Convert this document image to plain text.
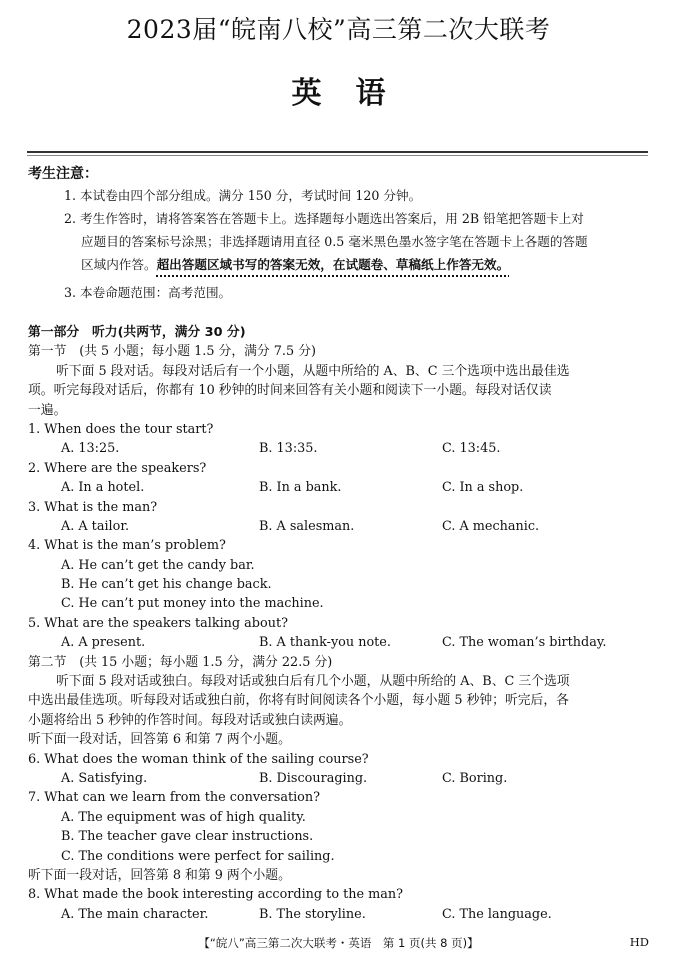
2023届“皖南八校”高三第二次大联考
英语
考生注意：
1. 本试卷由四个部分组成。满分 150 分，考试时间 120 分钟。
2. 考生作答时，请将答案答在答题卡上。选择题每小题选出答案后，用 2B 铅笔把答题卡上对
应题目的答案标号涂黑；非选择题请用直径 0.5 毫米黑色墨水签字笔在答题卡上各题的答题
区域内作答。超出答题区域书写的答案无效，在试题卷、草稿纸上作答无效。
3. 本卷命题范围：高考范围。
第一部分　听力(共两节，满分 30 分)
第一节　(共 5 小题；每小题 1.5 分，满分 7.5 分)
听下面 5 段对话。每段对话后有一个小题，从题中所给的 A、B、C 三个选项中选出最佳选
项。听完每段对话后，你都有 10 秒钟的时间来回答有关小题和阅读下一小题。每段对话仅读
一遍。
1. When does the tour start?
A. 13:25.	B. 13:35.	C. 13:45.
2. Where are the speakers?
A. In a hotel.	B. In a bank.	C. In a shop.
3. What is the man?
A. A tailor.	B. A salesman.	C. A mechanic.
4. What is the man’s problem?
A. He can’t get the candy bar.
B. He can’t get his change back.
C. He can’t put money into the machine.
5. What are the speakers talking about?
A. A present.	B. A thank-you note.	C. The woman’s birthday.
第二节　(共 15 小题；每小题 1.5 分，满分 22.5 分)
听下面 5 段对话或独白。每段对话或独白后有几个小题，从题中所给的 A、B、C 三个选项
中选出最佳选项。听每段对话或独白前，你将有时间阅读各个小题，每小题 5 秒钟；听完后，各
小题将给出 5 秒钟的作答时间。每段对话或独白读两遍。
听下面一段对话，回答第 6 和第 7 两个小题。
6. What does the woman think of the sailing course?
A. Satisfying.	B. Discouraging.	C. Boring.
7. What can we learn from the conversation?
A. The equipment was of high quality.
B. The teacher gave clear instructions.
C. The conditions were perfect for sailing.
听下面一段对话，回答第 8 和第 9 两个小题。
8. What made the book interesting according to the man?
A. The main character.	B. The storyline.	C. The language.
【“皖八”高三第二次大联考・英语　第 1 页(共 8 页)】	HD
